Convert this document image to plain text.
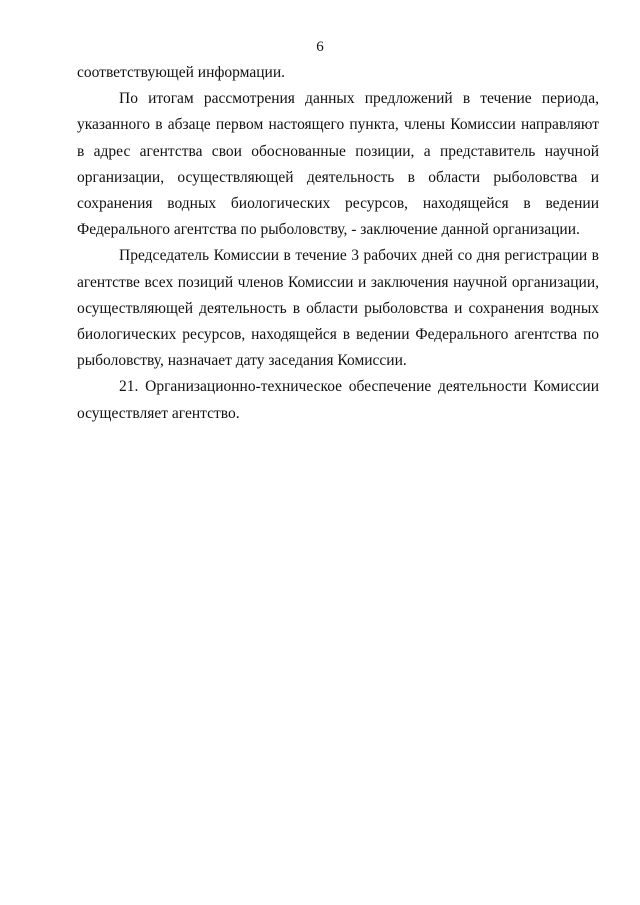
6

соответствующей информации.

По итогам рассмотрения данных предложений в течение периода, указанного в абзаце первом настоящего пункта, члены Комиссии направляют в адрес агентства свои обоснованные позиции, а представитель научной организации, осуществляющей деятельность в области рыболовства и сохранения водных биологических ресурсов, находящейся в ведении Федерального агентства по рыболовству, - заключение данной организации.

Председатель Комиссии в течение 3 рабочих дней со дня регистрации в агентстве всех позиций членов Комиссии и заключения научной организации, осуществляющей деятельность в области рыболовства и сохранения водных биологических ресурсов, находящейся в ведении Федерального агентства по рыболовству, назначает дату заседания Комиссии.

21. Организационно-техническое обеспечение деятельности Комиссии осуществляет агентство.
